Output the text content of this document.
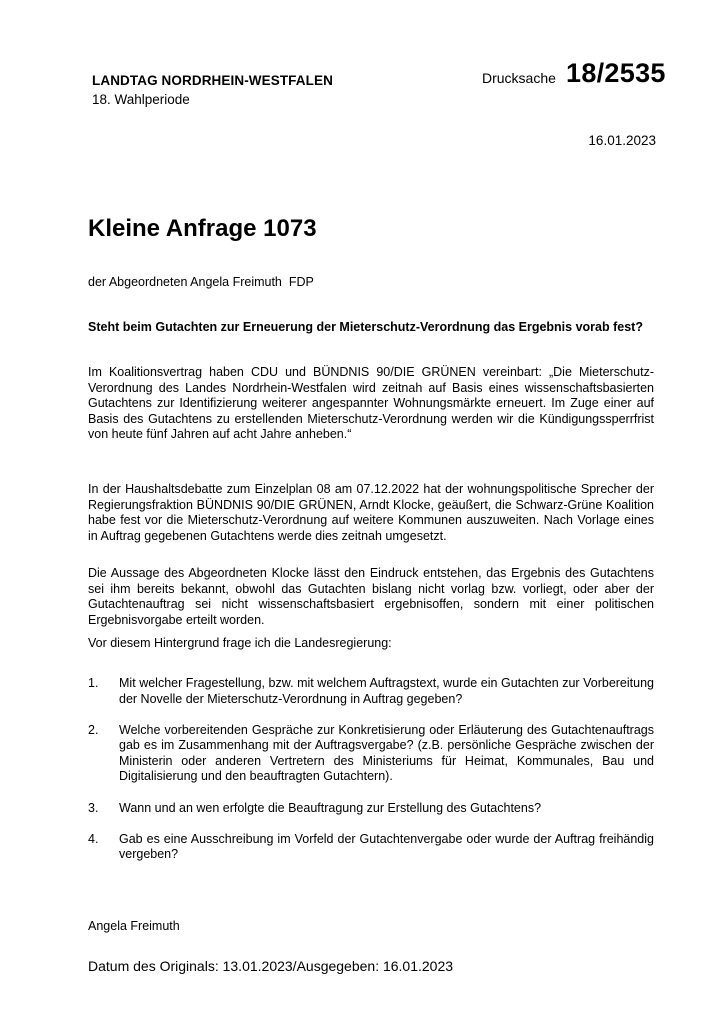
LANDTAG NORDRHEIN-WESTFALEN
18. Wahlperiode
Drucksache 18/2535
16.01.2023
Kleine Anfrage 1073
der Abgeordneten Angela Freimuth  FDP
Steht beim Gutachten zur Erneuerung der Mieterschutz-Verordnung das Ergebnis vorab fest?
Im Koalitionsvertrag haben CDU und BÜNDNIS 90/DIE GRÜNEN vereinbart: „Die Mieterschutz-Verordnung des Landes Nordrhein-Westfalen wird zeitnah auf Basis eines wissenschaftsbasierten Gutachtens zur Identifizierung weiterer angespannter Wohnungsmärkte erneuert. Im Zuge einer auf Basis des Gutachtens zu erstellenden Mieterschutz-Verordnung werden wir die Kündigungssperrfrist von heute fünf Jahren auf acht Jahre anheben.“
In der Haushaltsdebatte zum Einzelplan 08 am 07.12.2022 hat der wohnungspolitische Sprecher der Regierungsfraktion BÜNDNIS 90/DIE GRÜNEN, Arndt Klocke, geäußert, die Schwarz-Grüne Koalition habe fest vor die Mieterschutz-Verordnung auf weitere Kommunen auszuweiten. Nach Vorlage eines in Auftrag gegebenen Gutachtens werde dies zeitnah umgesetzt.
Die Aussage des Abgeordneten Klocke lässt den Eindruck entstehen, das Ergebnis des Gutachtens sei ihm bereits bekannt, obwohl das Gutachten bislang nicht vorlag bzw. vorliegt, oder aber der Gutachtenauftrag sei nicht wissenschaftsbasiert ergebnisoffen, sondern mit einer politischen Ergebnisvorgabe erteilt worden.
Vor diesem Hintergrund frage ich die Landesregierung:
1. Mit welcher Fragestellung, bzw. mit welchem Auftragstext, wurde ein Gutachten zur Vorbereitung der Novelle der Mieterschutz-Verordnung in Auftrag gegeben?
2. Welche vorbereitenden Gespräche zur Konkretisierung oder Erläuterung des Gutachtenauftrags gab es im Zusammenhang mit der Auftragsvergabe? (z.B. persönliche Gespräche zwischen der Ministerin oder anderen Vertretern des Ministeriums für Heimat, Kommunales, Bau und Digitalisierung und den beauftragten Gutachtern).
3. Wann und an wen erfolgte die Beauftragung zur Erstellung des Gutachtens?
4. Gab es eine Ausschreibung im Vorfeld der Gutachtenvergabe oder wurde der Auftrag freihändig vergeben?
Angela Freimuth
Datum des Originals: 13.01.2023/Ausgegeben: 16.01.2023
